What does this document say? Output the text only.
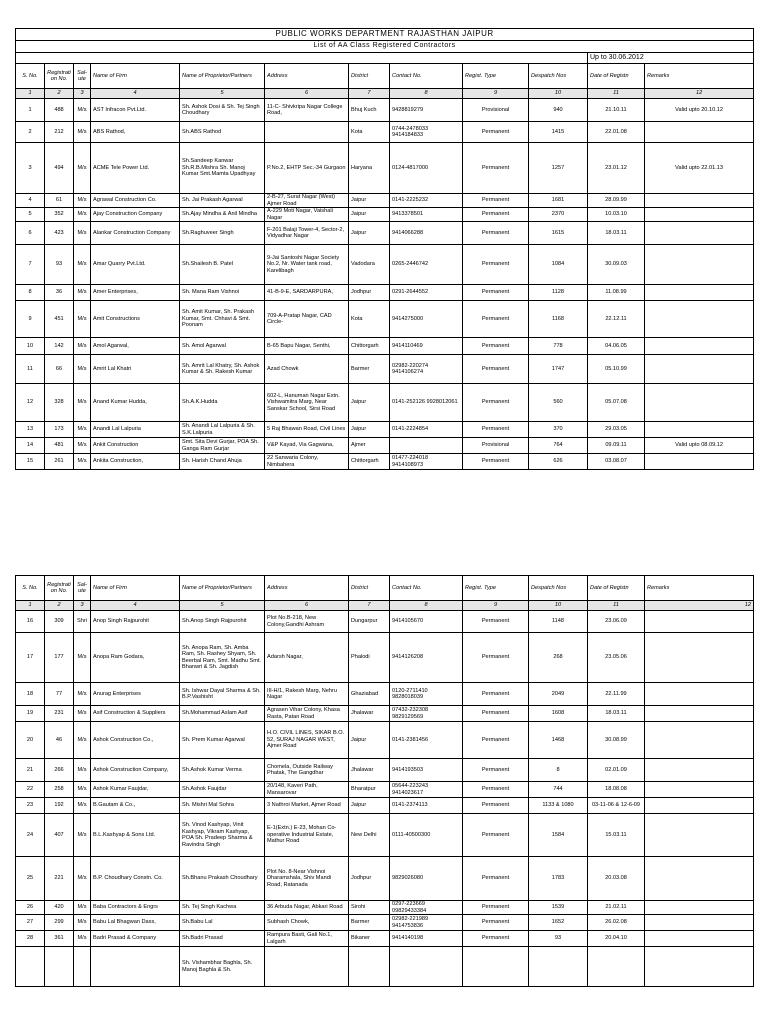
PUBLIC WORKS DEPARTMENT RAJASTHAN JAIPUR											
List of AA Class Registered Contractors											
										Up to 30.06.2012	
S. No.	Registration No.	Sal-ute	Name of Firm	Name of Proprietor/Partners	Address	District	Contact No.	Regist. Type	Despatch Nos	Date of Registn	Remarks
1	2	3	4	5	6	7	8	9	10	11	12
1	488	M/s	AST Infracon Pvt.Ltd.	Sh. Ashok Dosi & Sh. Tej Singh Choudhary	11-C- Shivkripa Nagar College Road,	Bhuj Kuch	9428819279	Provisional	940	21.10.11	Valid upto 20.10.12
2	212	M/s	ABS Rathod,	Sh.ABS Rathod		Kota	0744-2478033 9414184833	Permanent	1415	22.01.08	
3	494	M/s	ACME Tele Power Ltd.	Sh.Sandeep Kanwar Sh.R.B.Mishra Sh. Manoj Kumar Smt.Mamta Upadhyay	P.No.2, EHTP Sec.-34 Gurgaon	Haryana	0124-4817000	Permanent	1257	23.01.12	Valid upto 22.01.13
4	61	M/s	Agrawal Construction Co.	Sh. Jai Prakash Agarwal	2-B-27, Surat Nagar (West) Ajmer Road	Jaipur	0141-2225232	Permanent	1681	28.09.99	
5	352	M/s	Ajay Construction Company	Sh.Ajay Mindha & Anil Mindha	A-229 Moti Nagar, Vaishali Nagar	Jaipur	9413378501	Permanent	2370	10.03.10	
6	423	M/s	Alankar Construction Company	Sh.Raghuveer Singh	F-201 Balaji Tower-4, Sector-2, Vidyadhar Nagar	Jaipur	9414066288	Permanent	1615	18.03.11	
7	93	M/s	Amar Quarry Pvt.Ltd.	Sh.Shailesh B. Patel	9-Jai Santoshi Nagar Society No.2, Nr. Water tank road, Karelibagh	Vadodara	0265-2446742	Permanent	1084	30.09.03	
8	36	M/s	Amer Enterprises,	Sh. Mana Ram Vishnoi	41-B-9-E, SARDARPURA,	Jodhpur	0291-2644552	Permanent	1128	11.08.99	
9	451	M/s	Amit Constructions	Sh. Amit Kumar, Sh. Prakash Kumar, Smt. Chhavi & Smt. Poonam	709-A-Pratap Nagar, CAD Circle-	Kota	9414275000	Permanent	1168	22.12.11	
10	142	M/s	Amol Agarwal,	Sh. Amol Agarwal	B-65 Bapu Nagar, Senthi,	Chittorgarh	9414110469	Permanent	778	04.06.05	
11	66	M/s	Amrit Lal Khatri	Sh. Amrit Lal Khatry, Sh. Ashok Kumar & Sh. Rakesh Kumar	Azad Chowk	Barmer	02982-220274 9414106274	Permanent	1747	05.10.99	
12	328	M/s	Anand Kumar Hudda,	Sh.A.K.Hudda	602-L, Hanuman Nagar Extn. Vishwamitra Marg, Near Sanskar School, Sirsi Road	Jaipur	0141-252126 9928012061	Permanent	560	05.07.08	
13	173	M/s	Anandi Lal Lalpuria	Sh. Anandi Lal Lalpuria & Sh. S.K.Lalpuria	5 Raj Bhawan Road, Civil Lines	Jaipur	0141-2224854	Permanent	370	29.03.05	
14	481	M/s	Ankit Construction	Smt. Sita Devi Gurjar, POA Sh. Ganga Ram Gurjar	V&P Kayad, Via Gagwana,	Ajmer		Provisional	764	09.09.11	Valid upto 08.09.12
15	261	M/s	Ankita Construction,	Sh. Harish Chand Ahuja	22 Sanwaria Colony, Nimbahera	Chittorgarh	01477-224018 9414108973	Permanent	626	03.08.07	
S. No.	Registration No.	Sal-ute	Name of Firm	Name of Proprietor/Partners	Address	District	Contact No.	Regist. Type	Despatch Nos	Date of Registn	Remarks
1	2	3	4	5	6	7	8	9	10	11	12
16	309	Shri	Anop Singh Rajpurohit	Sh.Anop Singh Rajpurohit	Plot No.B-218, New Colony,Gandhi Ashram	Dungarpur	9414105670	Permanent	1148	23.06.09	
17	177	M/s	Anopa Ram Godara,	Sh. Anopa Ram, Sh. Amba Ram, Sh. Rashey Shyam, Sh. Beerbal Ram, Smt. Madhu Smt. Bhanwri & Sh. Jagdish	Adarsh Nagar,	Phalodi	9414126208	Permanent	268	23.05.06	
18	77	M/s	Anurag Enterprises	Sh. Ishwar Dayal Sharma & Sh. B.P.Vashisht	III-H/1, Rakesh Marg, Nehru Nagar	Ghaziabad	0120-2711410 9828018039	Permanent	2049	22.11.99	
19	231	M/s	Asif Construction & Suppliers	Sh.Mohammad Aslam Asif	Agrasen Vihar Colony, Khasa Rasta, Patan Road	Jhalawar	07432-232308 9829129569	Permanent	1608	18.03.11	
20	46	M/s	Ashok Construction Co.,	Sh. Prem Kumar Agarwal	H.O. CIVIL LINES, SIKAR B.O. 52, SURAJ NAGAR WEST, Ajmer Road	Jaipur	0141-2381456	Permanent	1468	30.08.99	
21	266	M/s	Ashok Construction Company,	Sh.Ashok Kumar Verma	Chomela, Outside Railway Phatak, The Gangdhar	Jhalawar	9414193503	Permanent	8	02.01.09	
22	258	M/s	Ashok Kumar Faujdar,	Sh.Ashok Faujdar	20/148, Kaveri Path, Mansarovar	Bharatpur	05644-223243 9414023617	Permanent	744	18.08.08	
23	192	M/s	B.Gautam & Co.,	Sh. Mishri Mal Sohra	3 Nathroi Market, Ajmer Road	Jaipur	0141-2374113	Permanent	1133 & 1080	03-11-06 & 12-6-09	
24	407	M/s	B.L.Kashyap & Sons Ltd.	Sh. Vinod Kashyap, Vinit Kashyap, Vikram Kashyap, POA Sh. Pradeep Sharma & Ravindra Singh	E-1(Extn.) E-23, Mohan Co-operative Industrial Estate, Mathur Road	New Delhi	0111-40500300	Permanent	1584	15.03.11	
25	221	M/s	B.P. Choudhary Constn. Co.	Sh.Bhanu Prakash Choudhary	Plot No. 8-Near Vishnoi Dharamshala, Shiv Mandi Road, Ratanada	Jodhpur	9829026080	Permanent	1783	20.03.08	
26	420	M/s	Baba Contractors & Engrs	Sh. Tej Singh Kachwa	36 Arbuda Nagar, Abkari Road	Sirohi	0297-223669 09829433384	Permanent	1539	21.02.11	
27	299	M/s	Babu Lal Bhagwan Dass,	Sh.Babu Lal	Subhash Chowk,	Barmer	02982-221989 9414753836	Permanent	1652	26.02.08	
28	361	M/s	Badri Prasad & Company	Sh.Badri Prasad	Rampura Basti, Gali No.1, Lalgarh	Bikaner	9414140198	Permanent	93	20.04.10	
				Sh. Vishambhar Baghla, Sh. Manoj Baghla & Sh.							
